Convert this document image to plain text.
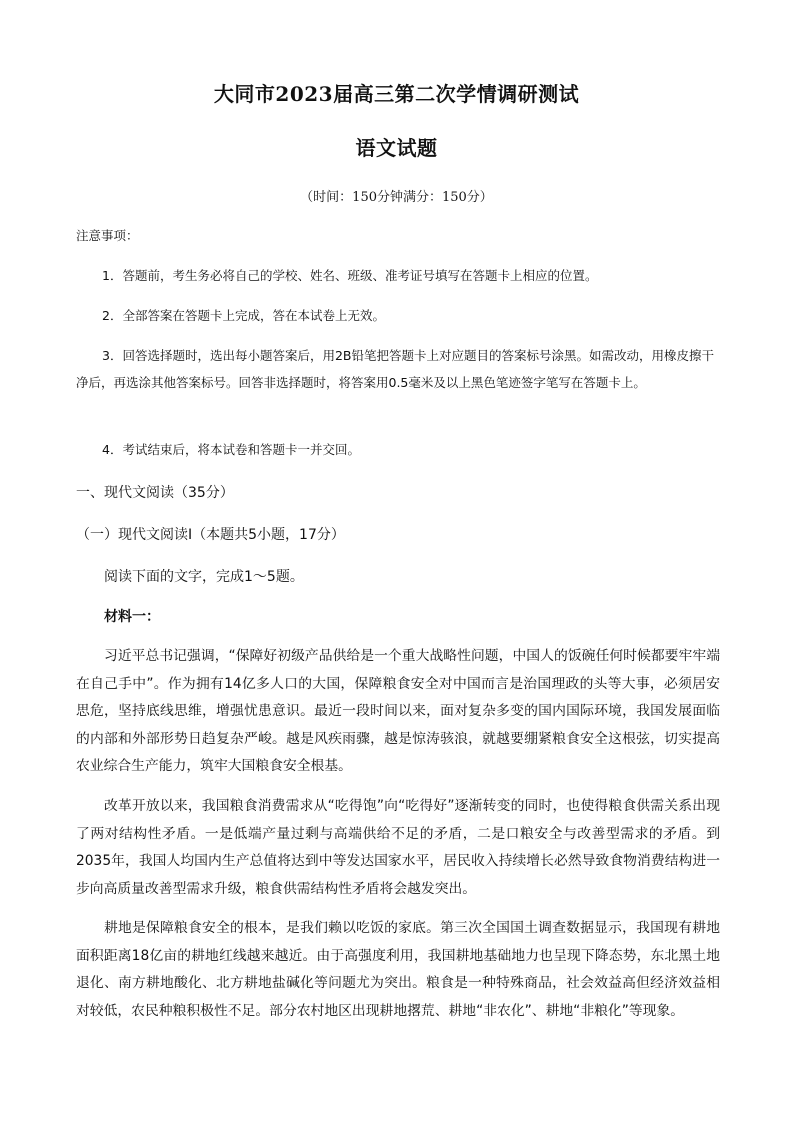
大同市2023届高三第二次学情调研测试
语文试题
（时间：150分钟满分：150分）
注意事项：
1．答题前，考生务必将自己的学校、姓名、班级、准考证号填写在答题卡上相应的位置。
2．全部答案在答题卡上完成，答在本试卷上无效。
3．回答选择题时，选出每小题答案后，用2B铅笔把答题卡上对应题目的答案标号涂黑。如需改动，用橡皮擦干净后，再选涂其他答案标号。回答非选择题时，将答案用0.5毫米及以上黑色笔迹签字笔写在答题卡上。
4．考试结束后，将本试卷和答题卡一并交回。
一、现代文阅读（35分）
（一）现代文阅读Ⅰ（本题共5小题，17分）
阅读下面的文字，完成1～5题。
材料一：
习近平总书记强调，“保障好初级产品供给是一个重大战略性问题，中国人的饭碗任何时候都要牢牢端在自己手中”。作为拥有14亿多人口的大国，保障粮食安全对中国而言是治国理政的头等大事，必须居安思危，坚持底线思维，增强忧患意识。最近一段时间以来，面对复杂多变的国内国际环境，我国发展面临的内部和外部形势日趋复杂严峻。越是风疾雨骤，越是惊涛骇浪，就越要绷紧粮食安全这根弦，切实提高农业综合生产能力，筑牢大国粮食安全根基。
改革开放以来，我国粮食消费需求从“吃得饱”向“吃得好”逐渐转变的同时，也使得粮食供需关系出现了两对结构性矛盾。一是低端产量过剩与高端供给不足的矛盾，二是口粮安全与改善型需求的矛盾。到2035年，我国人均国内生产总值将达到中等发达国家水平，居民收入持续增长必然导致食物消费结构进一步向高质量改善型需求升级，粮食供需结构性矛盾将会越发突出。
耕地是保障粮食安全的根本，是我们赖以吃饭的家底。第三次全国国土调查数据显示，我国现有耕地面积距离18亿亩的耕地红线越来越近。由于高强度利用，我国耕地基础地力也呈现下降态势，东北黑土地退化、南方耕地酸化、北方耕地盐碱化等问题尤为突出。粮食是一种特殊商品，社会效益高但经济效益相对较低，农民种粮积极性不足。部分农村地区出现耕地撂荒、耕地“非农化”、耕地“非粮化”等现象。
